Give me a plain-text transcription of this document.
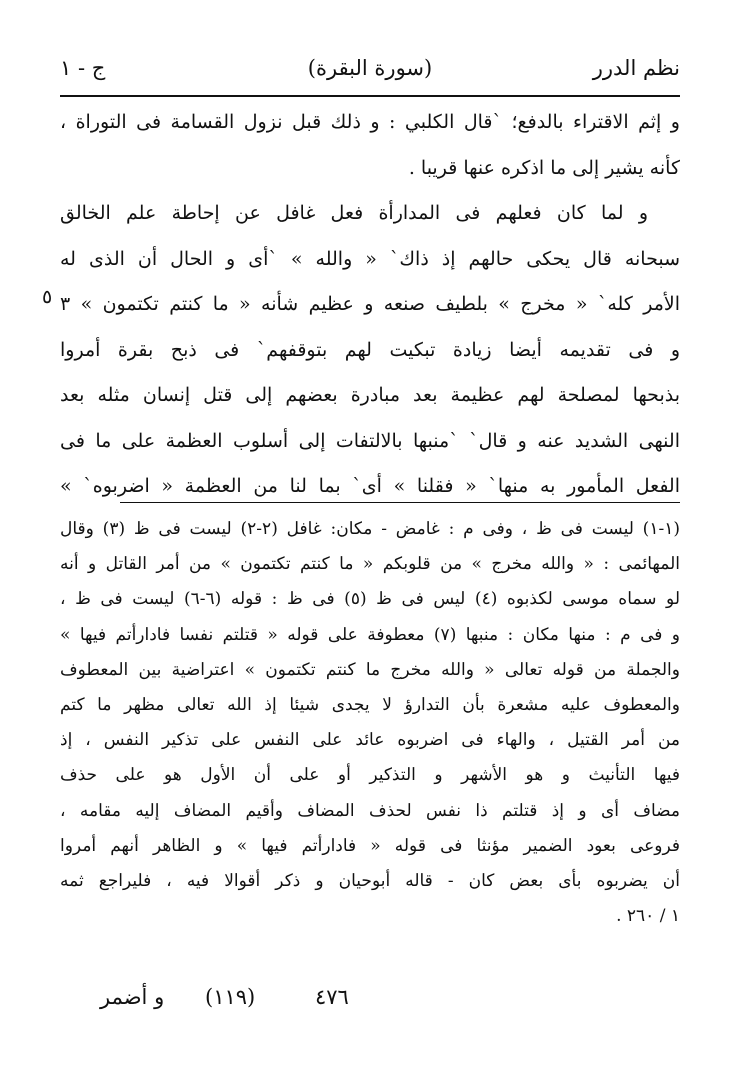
نظم الدرر
(سورة البقرة)
ج - ١
و إثم الاقتراء بالدفع؛ `قال الكلبي : و ذلك قبل نزول القسامة فى التوراة ،
كأنه يشير إلى ما اذكره عنها قريبا .
و لما كان فعلهم فى المدارأة فعل غافل عن إحاطة علم الخالق
سبحانه قال يحكى حالهم إذ ذاك` « والله » `أى و الحال أن الذى له
الأمر كله` « مخرج » بلطيف صنعه و عظيم شأنه « ما كنتم تكتمون » ٣
و فى تقديمه أيضا زيادة تبكيت لهم بتوقفهم` فى ذبح بقرة أمروا
بذبحها لمصلحة لهم عظيمة بعد مبادرة بعضهم إلى قتل إنسان مثله بعد
النهى الشديد عنه و قال` `منبها بالالتفات إلى أسلوب العظمة على ما فى
الفعل المأمور به منها` « فقلنا » أى` بما لنا من العظمة « اضربوه` »
٥
(١-١) ليست فى ظ ، وفى م : غامض - مكان: غافل (٢-٢) ليست فى ظ (٣) وقال
المهائمى : « والله مخرج » من قلوبكم « ما كنتم تكتمون » من أمر القاتل و أنه
لو سماه موسى لكذبوه (٤) ليس فى ظ (٥) فى ظ : قوله (٦-٦) ليست فى ظ ،
و فى م : منها مكان : منبها (٧) معطوفة على قوله « قتلتم نفسا فادارأتم فيها »
والجملة من قوله تعالى « والله مخرج ما كنتم تكتمون » اعتراضية بين المعطوف
والمعطوف عليه مشعرة بأن التدارؤ لا يجدى شيئا إذ الله تعالى مظهر ما كتم
من أمر القتيل ، والهاء فى اضربوه عائد على النفس على تذكير النفس ، إذ
فيها التأنيث و هو الأشهر و التذكير أو على أن الأول هو على حذف
مضاف أى و إذ قتلتم ذا نفس لحذف المضاف وأقيم المضاف إليه مقامه ،
فروعى بعود الضمير مؤنثا فى قوله « فادارأتم فيها » و الظاهر أنهم أمروا
أن يضربوه بأى بعض كان - قاله أبوحيان و ذكر أقوالا فيه ، فليراجع ثمه
١ / ٢٦٠ .
و أضمر (١١٩)	٤٧٦
